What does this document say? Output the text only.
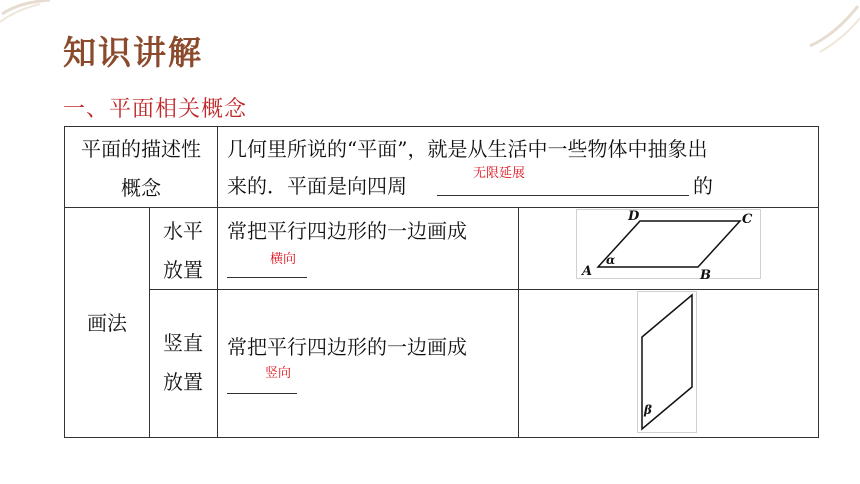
知识讲解
一、平面相关概念
平面的描述性
概念
几何里所说的“平面”，就是从生活中一些物体中抽象出
来的．平面是向四周
无限延展
的
画法
水平
放置
常把平行四边形的一边画成
横向
竖直
放置
常把平行四边形的一边画成
竖向
A	B
C
D
α
β
